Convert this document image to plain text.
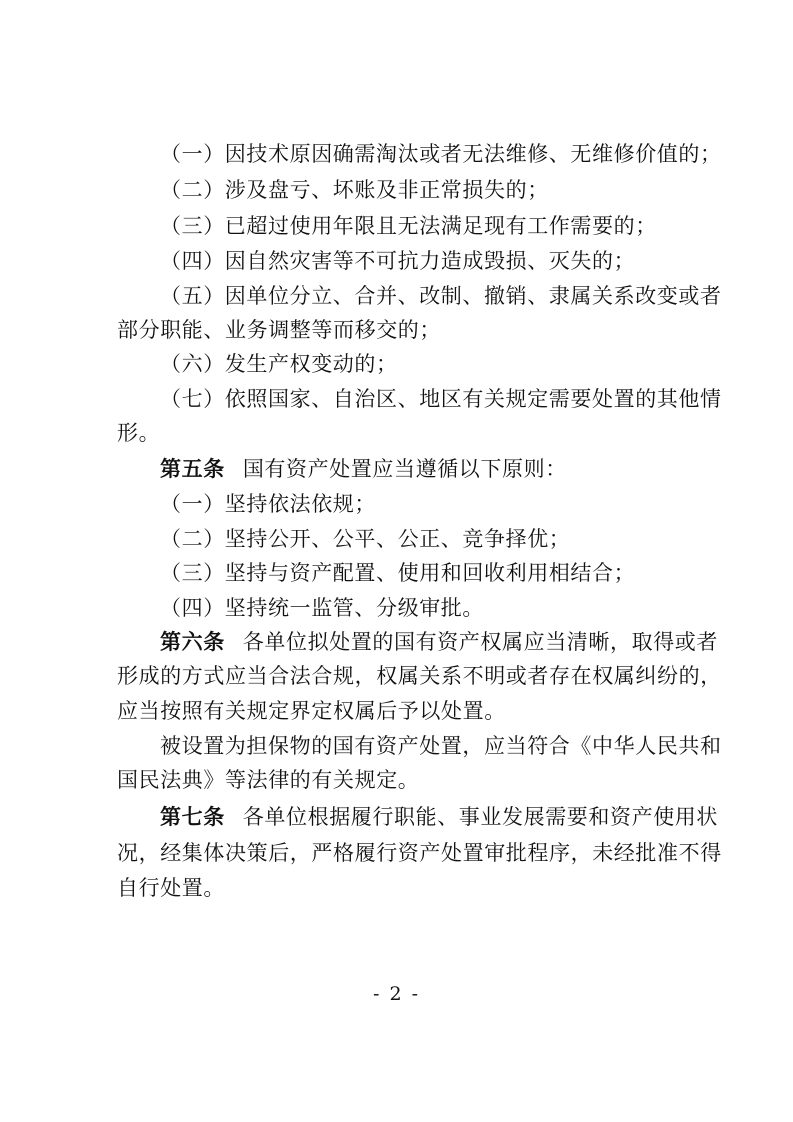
（一）因技术原因确需淘汰或者无法维修、无维修价值的；
（二）涉及盘亏、坏账及非正常损失的；
（三）已超过使用年限且无法满足现有工作需要的；
（四）因自然灾害等不可抗力造成毁损、灭失的；
（五）因单位分立、合并、改制、撤销、隶属关系改变或者
部分职能、业务调整等而移交的；
（六）发生产权变动的；
（七）依照国家、自治区、地区有关规定需要处置的其他情
形。
第五条 国有资产处置应当遵循以下原则：
（一）坚持依法依规；
（二）坚持公开、公平、公正、竞争择优；
（三）坚持与资产配置、使用和回收利用相结合；
（四）坚持统一监管、分级审批。
第六条 各单位拟处置的国有资产权属应当清晰，取得或者
形成的方式应当合法合规，权属关系不明或者存在权属纠纷的，
应当按照有关规定界定权属后予以处置。
被设置为担保物的国有资产处置，应当符合《中华人民共和
国民法典》等法律的有关规定。
第七条 各单位根据履行职能、事业发展需要和资产使用状
况，经集体决策后，严格履行资产处置审批程序，未经批准不得
自行处置。
- 2 -
